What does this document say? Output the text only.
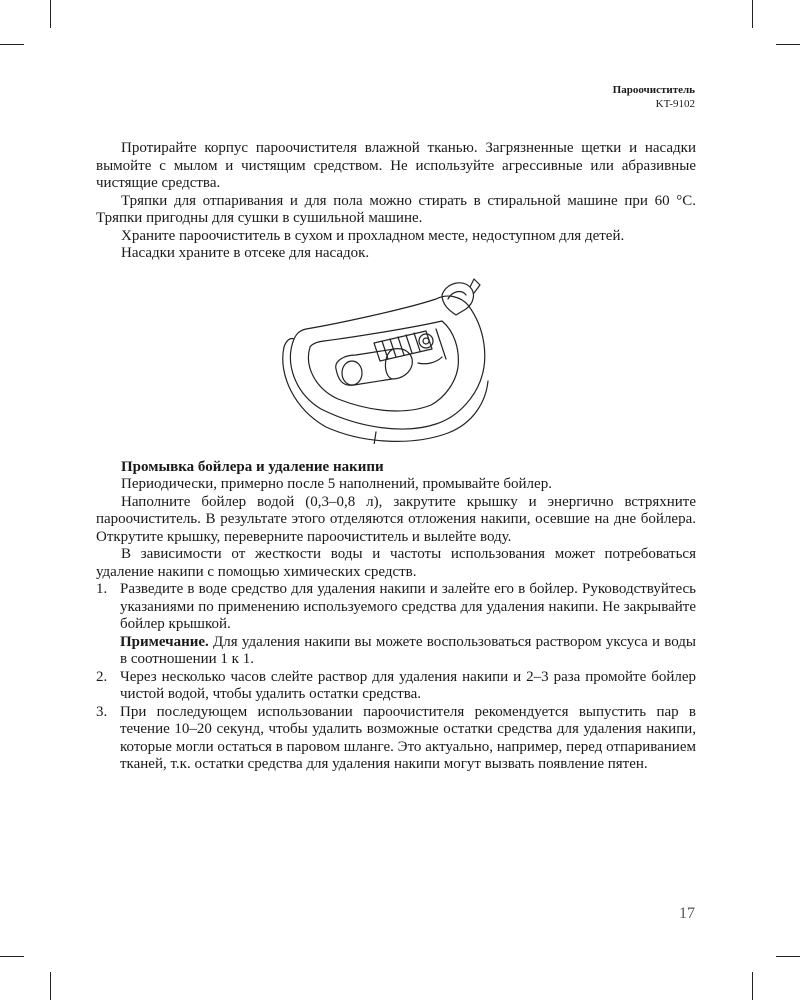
Пароочиститель
KT-9102

Протирайте корпус пароочистителя влажной тканью. Загрязненные щетки и насадки вымойте с мылом и чистящим средством. Не используйте агрессивные или абразивные чистящие средства.

Тряпки для отпаривания и для пола можно стирать в стиральной машине при 60 °C. Тряпки пригодны для сушки в сушильной машине.

Храните пароочиститель в сухом и прохладном месте, недоступном для детей.

Насадки храните в отсеке для насадок.

Промывка бойлера и удаление накипи

Периодически, примерно после 5 наполнений, промывайте бойлер.

Наполните бойлер водой (0,3–0,8 л), закрутите крышку и энергично встряхните пароочиститель. В результате этого отделяются отложения накипи, осевшие на дне бойлера. Открутите крышку, переверните пароочиститель и вылейте воду.

В зависимости от жесткости воды и частоты использования может потребоваться удаление накипи с помощью химических средств.

1. Разведите в воде средство для удаления накипи и залейте его в бойлер. Руководствуйтесь указаниями по применению используемого средства для удаления накипи. Не закрывайте бойлер крышкой.
Примечание. Для удаления накипи вы можете воспользоваться раствором уксуса и воды в соотношении 1 к 1.
2. Через несколько часов слейте раствор для удаления накипи и 2–3 раза промойте бойлер чистой водой, чтобы удалить остатки средства.
3. При последующем использовании пароочистителя рекомендуется выпустить пар в течение 10–20 секунд, чтобы удалить возможные остатки средства для удаления накипи, которые могли остаться в паровом шланге. Это актуально, например, перед отпариванием тканей, т.к. остатки средства для удаления накипи могут вызвать появление пятен.
17
